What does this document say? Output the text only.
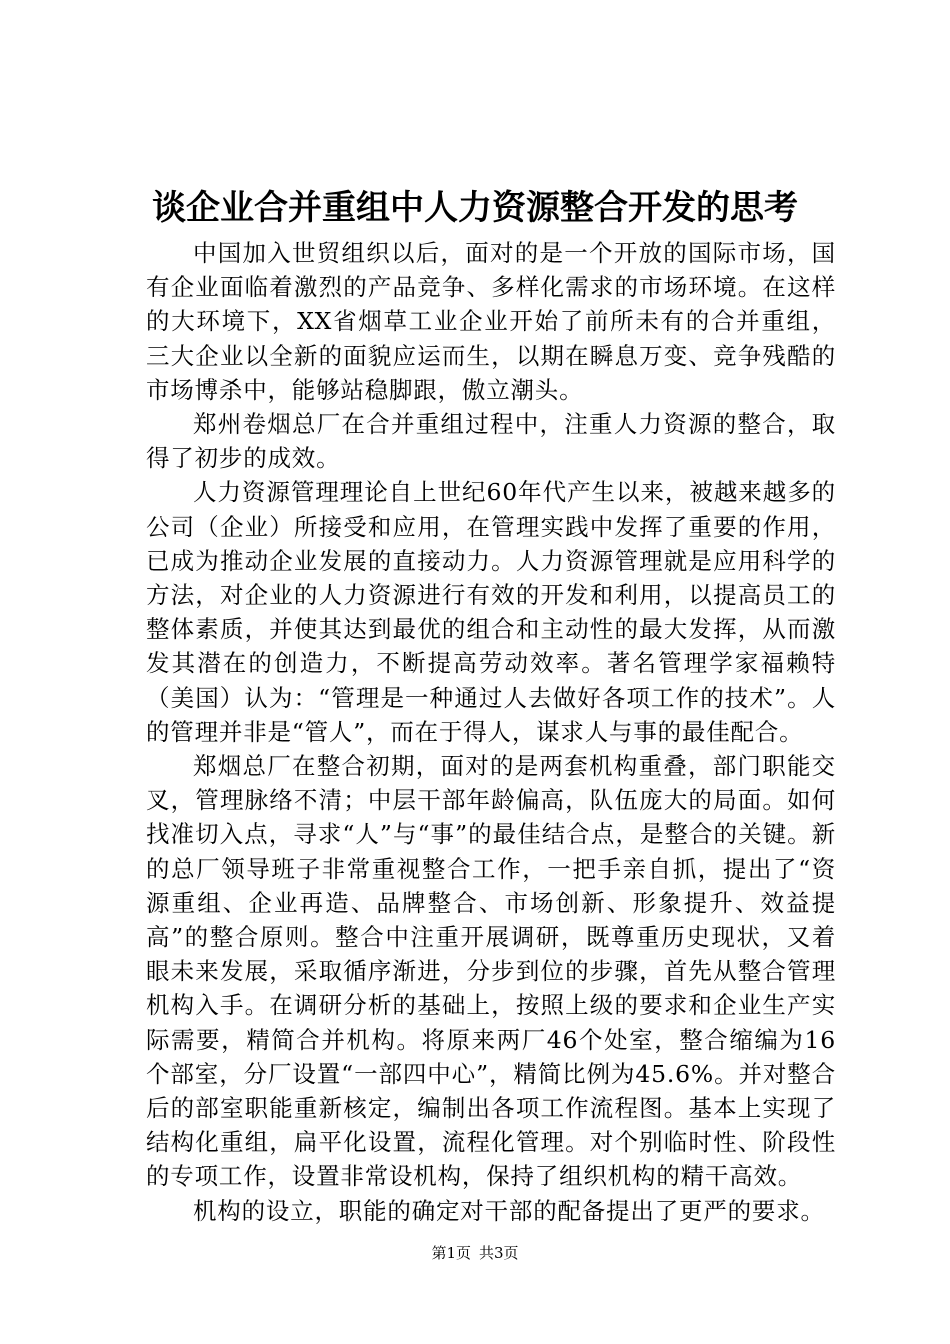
谈企业合并重组中人力资源整合开发的思考

中国加入世贸组织以后，面对的是一个开放的国际市场，国有企业面临着激烈的产品竞争、多样化需求的市场环境。在这样的大环境下，XX省烟草工业企业开始了前所未有的合并重组，三大企业以全新的面貌应运而生，以期在瞬息万变、竞争残酷的市场博杀中，能够站稳脚跟，傲立潮头。

郑州卷烟总厂在合并重组过程中，注重人力资源的整合，取得了初步的成效。

人力资源管理理论自上世纪60年代产生以来，被越来越多的公司（企业）所接受和应用，在管理实践中发挥了重要的作用，已成为推动企业发展的直接动力。人力资源管理就是应用科学的方法，对企业的人力资源进行有效的开发和利用，以提高员工的整体素质，并使其达到最优的组合和主动性的最大发挥，从而激发其潜在的创造力，不断提高劳动效率。著名管理学家福赖特（美国）认为：“管理是一种通过人去做好各项工作的技术”。人的管理并非是“管人”，而在于得人，谋求人与事的最佳配合。

郑烟总厂在整合初期，面对的是两套机构重叠，部门职能交叉，管理脉络不清；中层干部年龄偏高，队伍庞大的局面。如何找准切入点，寻求“人”与“事”的最佳结合点，是整合的关键。新的总厂领导班子非常重视整合工作，一把手亲自抓，提出了“资源重组、企业再造、品牌整合、市场创新、形象提升、效益提高”的整合原则。整合中注重开展调研，既尊重历史现状，又着眼未来发展，采取循序渐进，分步到位的步骤，首先从整合管理机构入手。在调研分析的基础上，按照上级的要求和企业生产实际需要，精简合并机构。将原来两厂46个处室，整合缩编为16个部室，分厂设置“一部四中心”，精简比例为45.6%。并对整合后的部室职能重新核定，编制出各项工作流程图。基本上实现了结构化重组，扁平化设置，流程化管理。对个别临时性、阶段性的专项工作，设置非常设机构，保持了组织机构的精干高效。

机构的设立，职能的确定对干部的配备提出了更严的要求。

第1页 共3页
